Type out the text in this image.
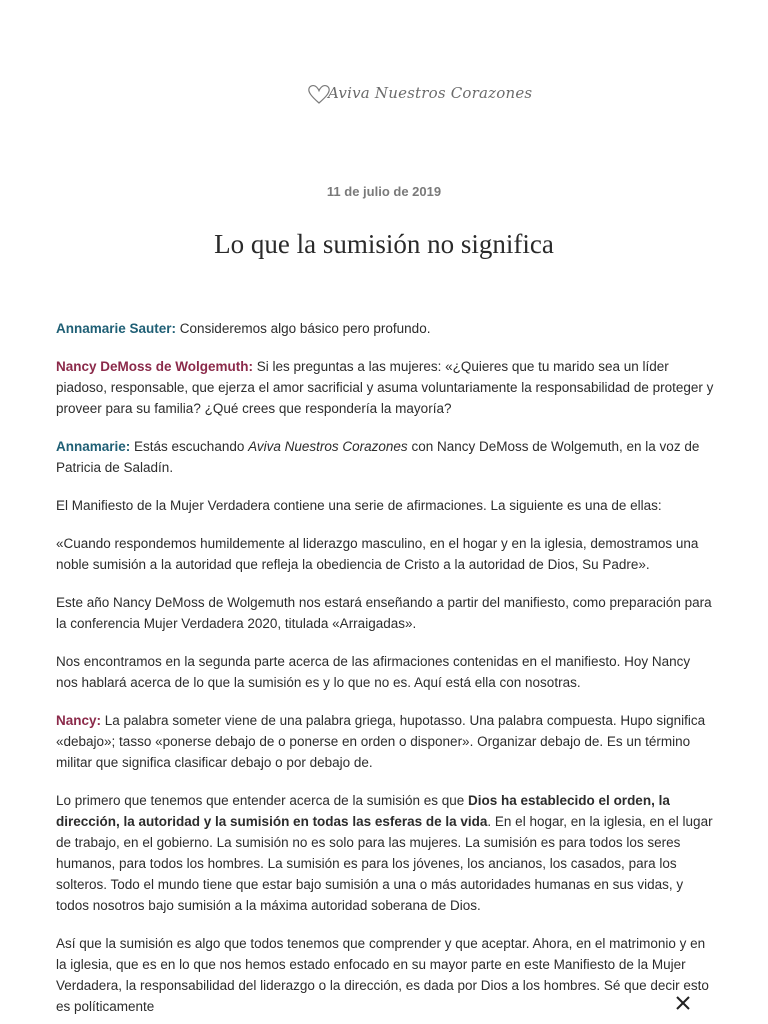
Aviva Nuestros Corazones
11 de julio de 2019
Lo que la sumisión no significa

Annamarie Sauter: Consideremos algo básico pero profundo.

Nancy DeMoss de Wolgemuth: Si les preguntas a las mujeres: «¿Quieres que tu marido sea un líder piadoso, responsable, que ejerza el amor sacrificial y asuma voluntariamente la responsabilidad de proteger y proveer para su familia? ¿Qué crees que respondería la mayoría?

Annamarie: Estás escuchando Aviva Nuestros Corazones con Nancy DeMoss de Wolgemuth, en la voz de Patricia de Saladín.

El Manifiesto de la Mujer Verdadera contiene una serie de afirmaciones. La siguiente es una de ellas:

«Cuando respondemos humildemente al liderazgo masculino, en el hogar y en la iglesia, demostramos una noble sumisión a la autoridad que refleja la obediencia de Cristo a la autoridad de Dios, Su Padre».

Este año Nancy DeMoss de Wolgemuth nos estará enseñando a partir del manifiesto, como preparación para la conferencia Mujer Verdadera 2020, titulada «Arraigadas».

Nos encontramos en la segunda parte acerca de las afirmaciones contenidas en el manifiesto. Hoy Nancy nos hablará acerca de lo que la sumisión es y lo que no es. Aquí está ella con nosotras.

Nancy: La palabra someter viene de una palabra griega, hupotasso. Una palabra compuesta. Hupo significa «debajo»; tasso «ponerse debajo de o ponerse en orden o disponer». Organizar debajo de. Es un término militar que significa clasificar debajo o por debajo de.

Lo primero que tenemos que entender acerca de la sumisión es que Dios ha establecido el orden, la dirección, la autoridad y la sumisión en todas las esferas de la vida. En el hogar, en la iglesia, en el lugar de trabajo, en el gobierno. La sumisión no es solo para las mujeres. La sumisión es para todos los seres humanos, para todos los hombres. La sumisión es para los jóvenes, los ancianos, los casados, para los solteros. Todo el mundo tiene que estar bajo sumisión a una o más autoridades humanas en sus vidas, y todos nosotros bajo sumisión a la máxima autoridad soberana de Dios.

Así que la sumisión es algo que todos tenemos que comprender y que aceptar. Ahora, en el matrimonio y en la iglesia, que es en lo que nos hemos estado enfocado en su mayor parte en este Manifiesto de la Mujer Verdadera, la responsabilidad del liderazgo o la dirección, es dada por Dios a los hombres. Sé que decir esto es políticamente
